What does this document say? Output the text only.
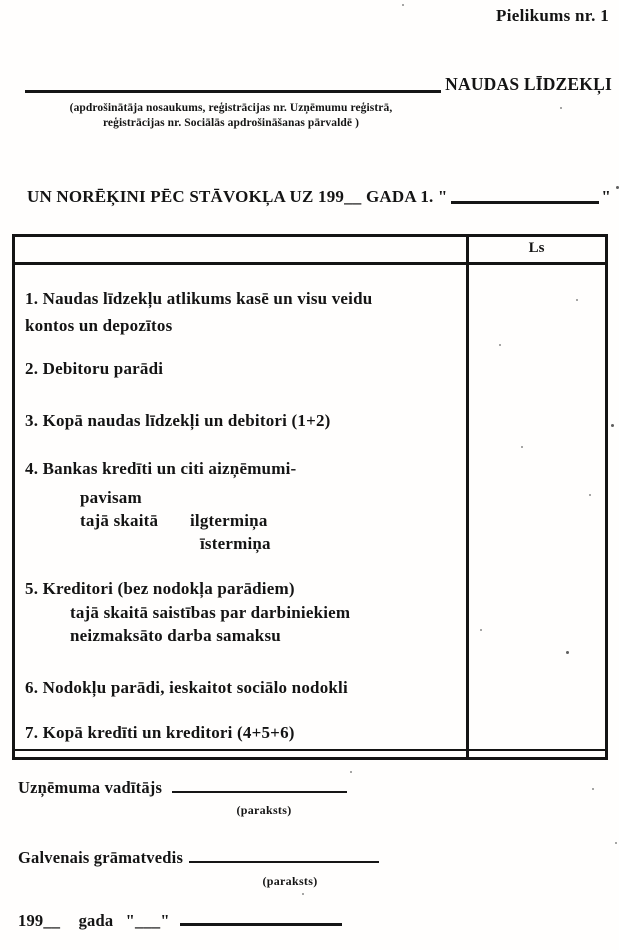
Pielikums nr. 1
NAUDAS LĪDZEKĻI
(apdrošinātāja nosaukums, reģistrācijas nr. Uzņēmumu reģistrā,
reģistrācijas nr. Sociālās apdrošināšanas pārvaldē )
UN NORĒĶINI PĒC STĀVOKĻA UZ 199__ GADA 1. "	"
Ls
1. Naudas līdzekļu atlikums kasē un visu veidu
kontos un depozītos
2. Debitoru parādi
3. Kopā naudas līdzekļi un debitori (1+2)
4. Bankas kredīti un citi aizņēmumi-
pavisam
tajā skaitā ilgtermiņa
īstermiņa
5. Kreditori (bez nodokļa parādiem)
tajā skaitā saistības par darbiniekiem
neizmaksāto darba samaksu
6. Nodokļu parādi, ieskaitot sociālo nodokli
7. Kopā kredīti un kreditori (4+5+6)
Uzņēmuma vadītājs
(paraksts)
Galvenais grāmatvedis
(paraksts)
199__ gada "___"
